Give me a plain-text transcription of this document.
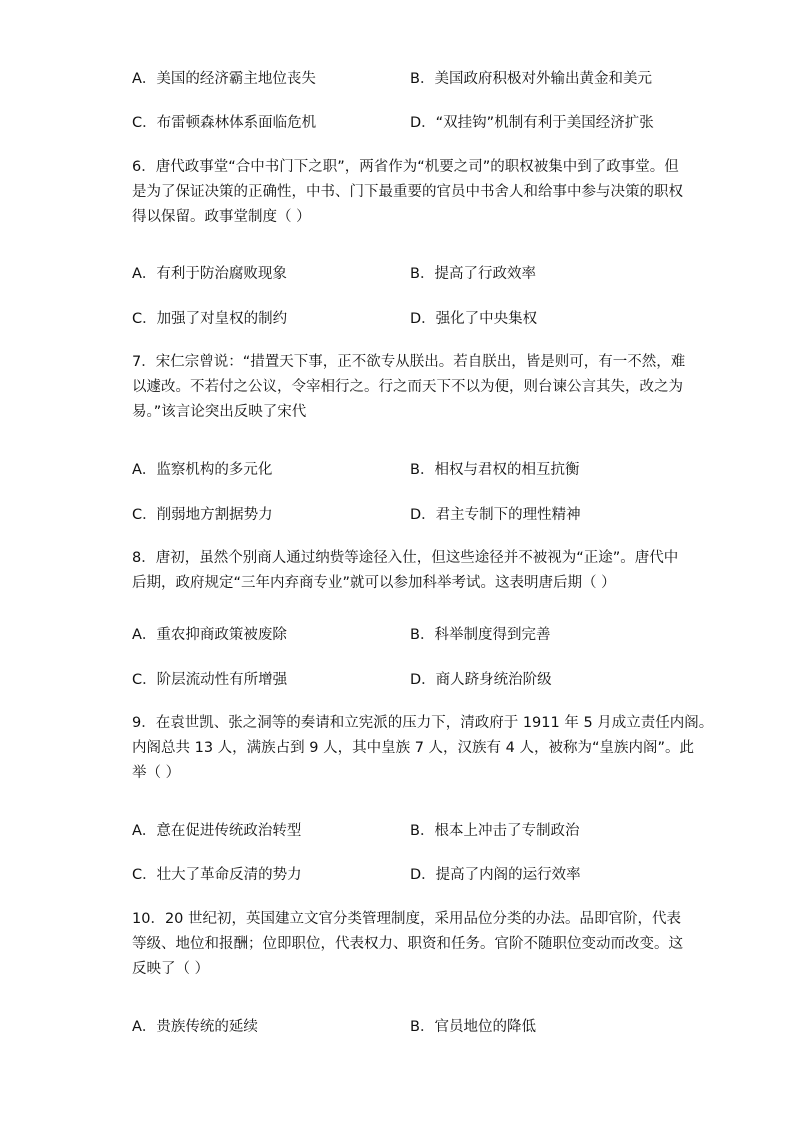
A．美国的经济霸主地位丧失	B．美国政府积极对外输出黄金和美元
C．布雷顿森林体系面临危机	D．“双挂钩”机制有利于美国经济扩张
6．唐代政事堂“合中书门下之职”，两省作为“机要之司”的职权被集中到了政事堂。但
是为了保证决策的正确性，中书、门下最重要的官员中书舍人和给事中参与决策的职权
得以保留。政事堂制度（ ）
A．有利于防治腐败现象	B．提高了行政效率
C．加强了对皇权的制约	D．强化了中央集权
7．宋仁宗曾说：“措置天下事，正不欲专从朕出。若自朕出，皆是则可，有一不然，难
以遽改。不若付之公议，令宰相行之。行之而天下不以为便，则台谏公言其失，改之为
易。”该言论突出反映了宋代
A．监察机构的多元化	B．相权与君权的相互抗衡
C．削弱地方割据势力	D．君主专制下的理性精神
8．唐初，虽然个别商人通过纳赀等途径入仕，但这些途径并不被视为“正途”。唐代中
后期，政府规定“三年内弃商专业”就可以参加科举考试。这表明唐后期（ ）
A．重农抑商政策被废除	B．科举制度得到完善
C．阶层流动性有所增强	D．商人跻身统治阶级
9．在袁世凯、张之洞等的奏请和立宪派的压力下，清政府于 1911 年 5 月成立责任内阁。
内阁总共 13 人，满族占到 9 人，其中皇族 7 人，汉族有 4 人，被称为“皇族内阁”。此
举（ ）
A．意在促进传统政治转型	B．根本上冲击了专制政治
C．壮大了革命反清的势力	D．提高了内阁的运行效率
10．20 世纪初，英国建立文官分类管理制度，采用品位分类的办法。品即官阶，代表
等级、地位和报酬；位即职位，代表权力、职资和任务。官阶不随职位变动而改变。这
反映了（ ）
A．贵族传统的延续	B．官员地位的降低
